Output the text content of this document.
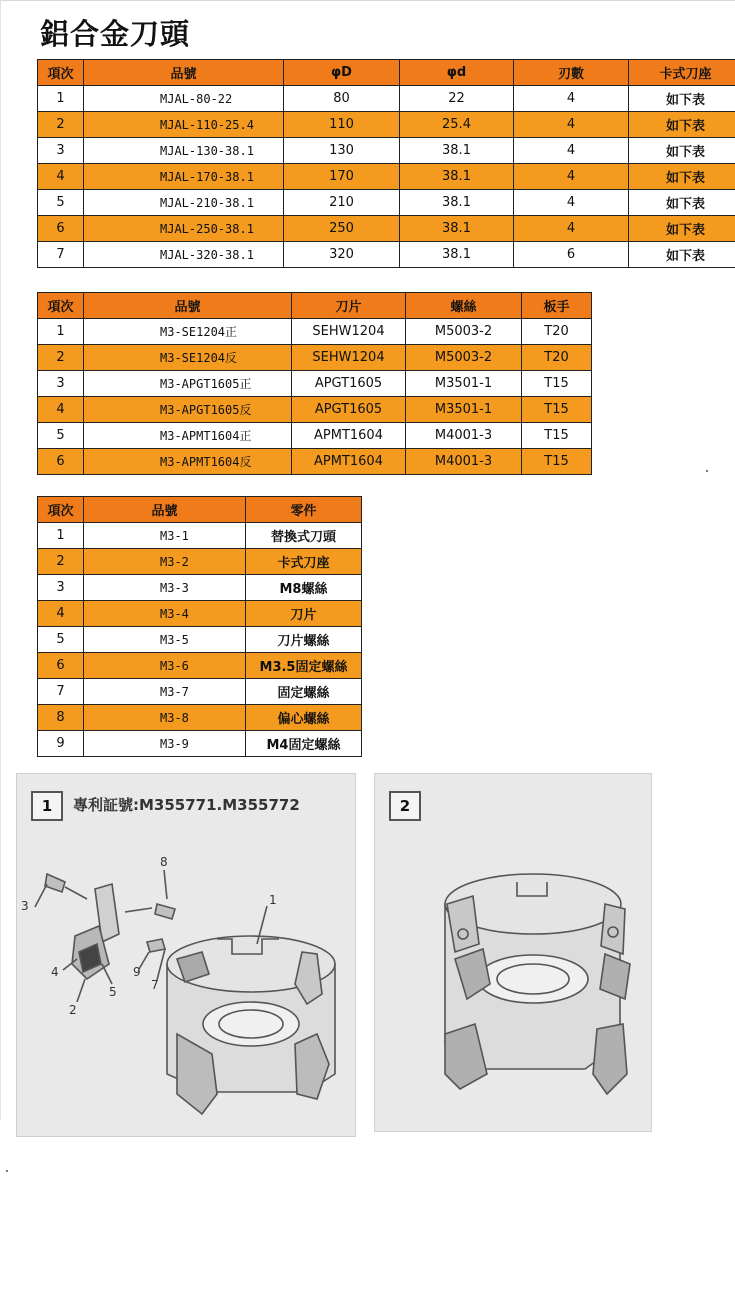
鋁合金刀頭
項次	品號	φD	φd	刃數	卡式刀座
1	MJAL-80-22	80	22	4	如下表
2	MJAL-110-25.4	110	25.4	4	如下表
3	MJAL-130-38.1	130	38.1	4	如下表
4	MJAL-170-38.1	170	38.1	4	如下表
5	MJAL-210-38.1	210	38.1	4	如下表
6	MJAL-250-38.1	250	38.1	4	如下表
7	MJAL-320-38.1	320	38.1	6	如下表
項次	品號	刀片	螺絲	板手
1	M3-SE1204正	SEHW1204	M5003-2	T20
2	M3-SE1204反	SEHW1204	M5003-2	T20
3	M3-APGT1605正	APGT1605	M3501-1	T15
4	M3-APGT1605反	APGT1605	M3501-1	T15
5	M3-APMT1604正	APMT1604	M4001-3	T15
6	M3-APMT1604反	APMT1604	M4001-3	T15
項次	品號	零件
1	M3-1	替換式刀頭
2	M3-2	卡式刀座
3	M3-3	M8螺絲
4	M3-4	刀片
5	M3-5	刀片螺絲
6	M3-6	M3.5固定螺絲
7	M3-7	固定螺絲
8	M3-8	偏心螺絲
9	M3-9	M4固定螺絲
1	專利証號:M355771.M355772
1
2
3
4
5	7
8
9
2
